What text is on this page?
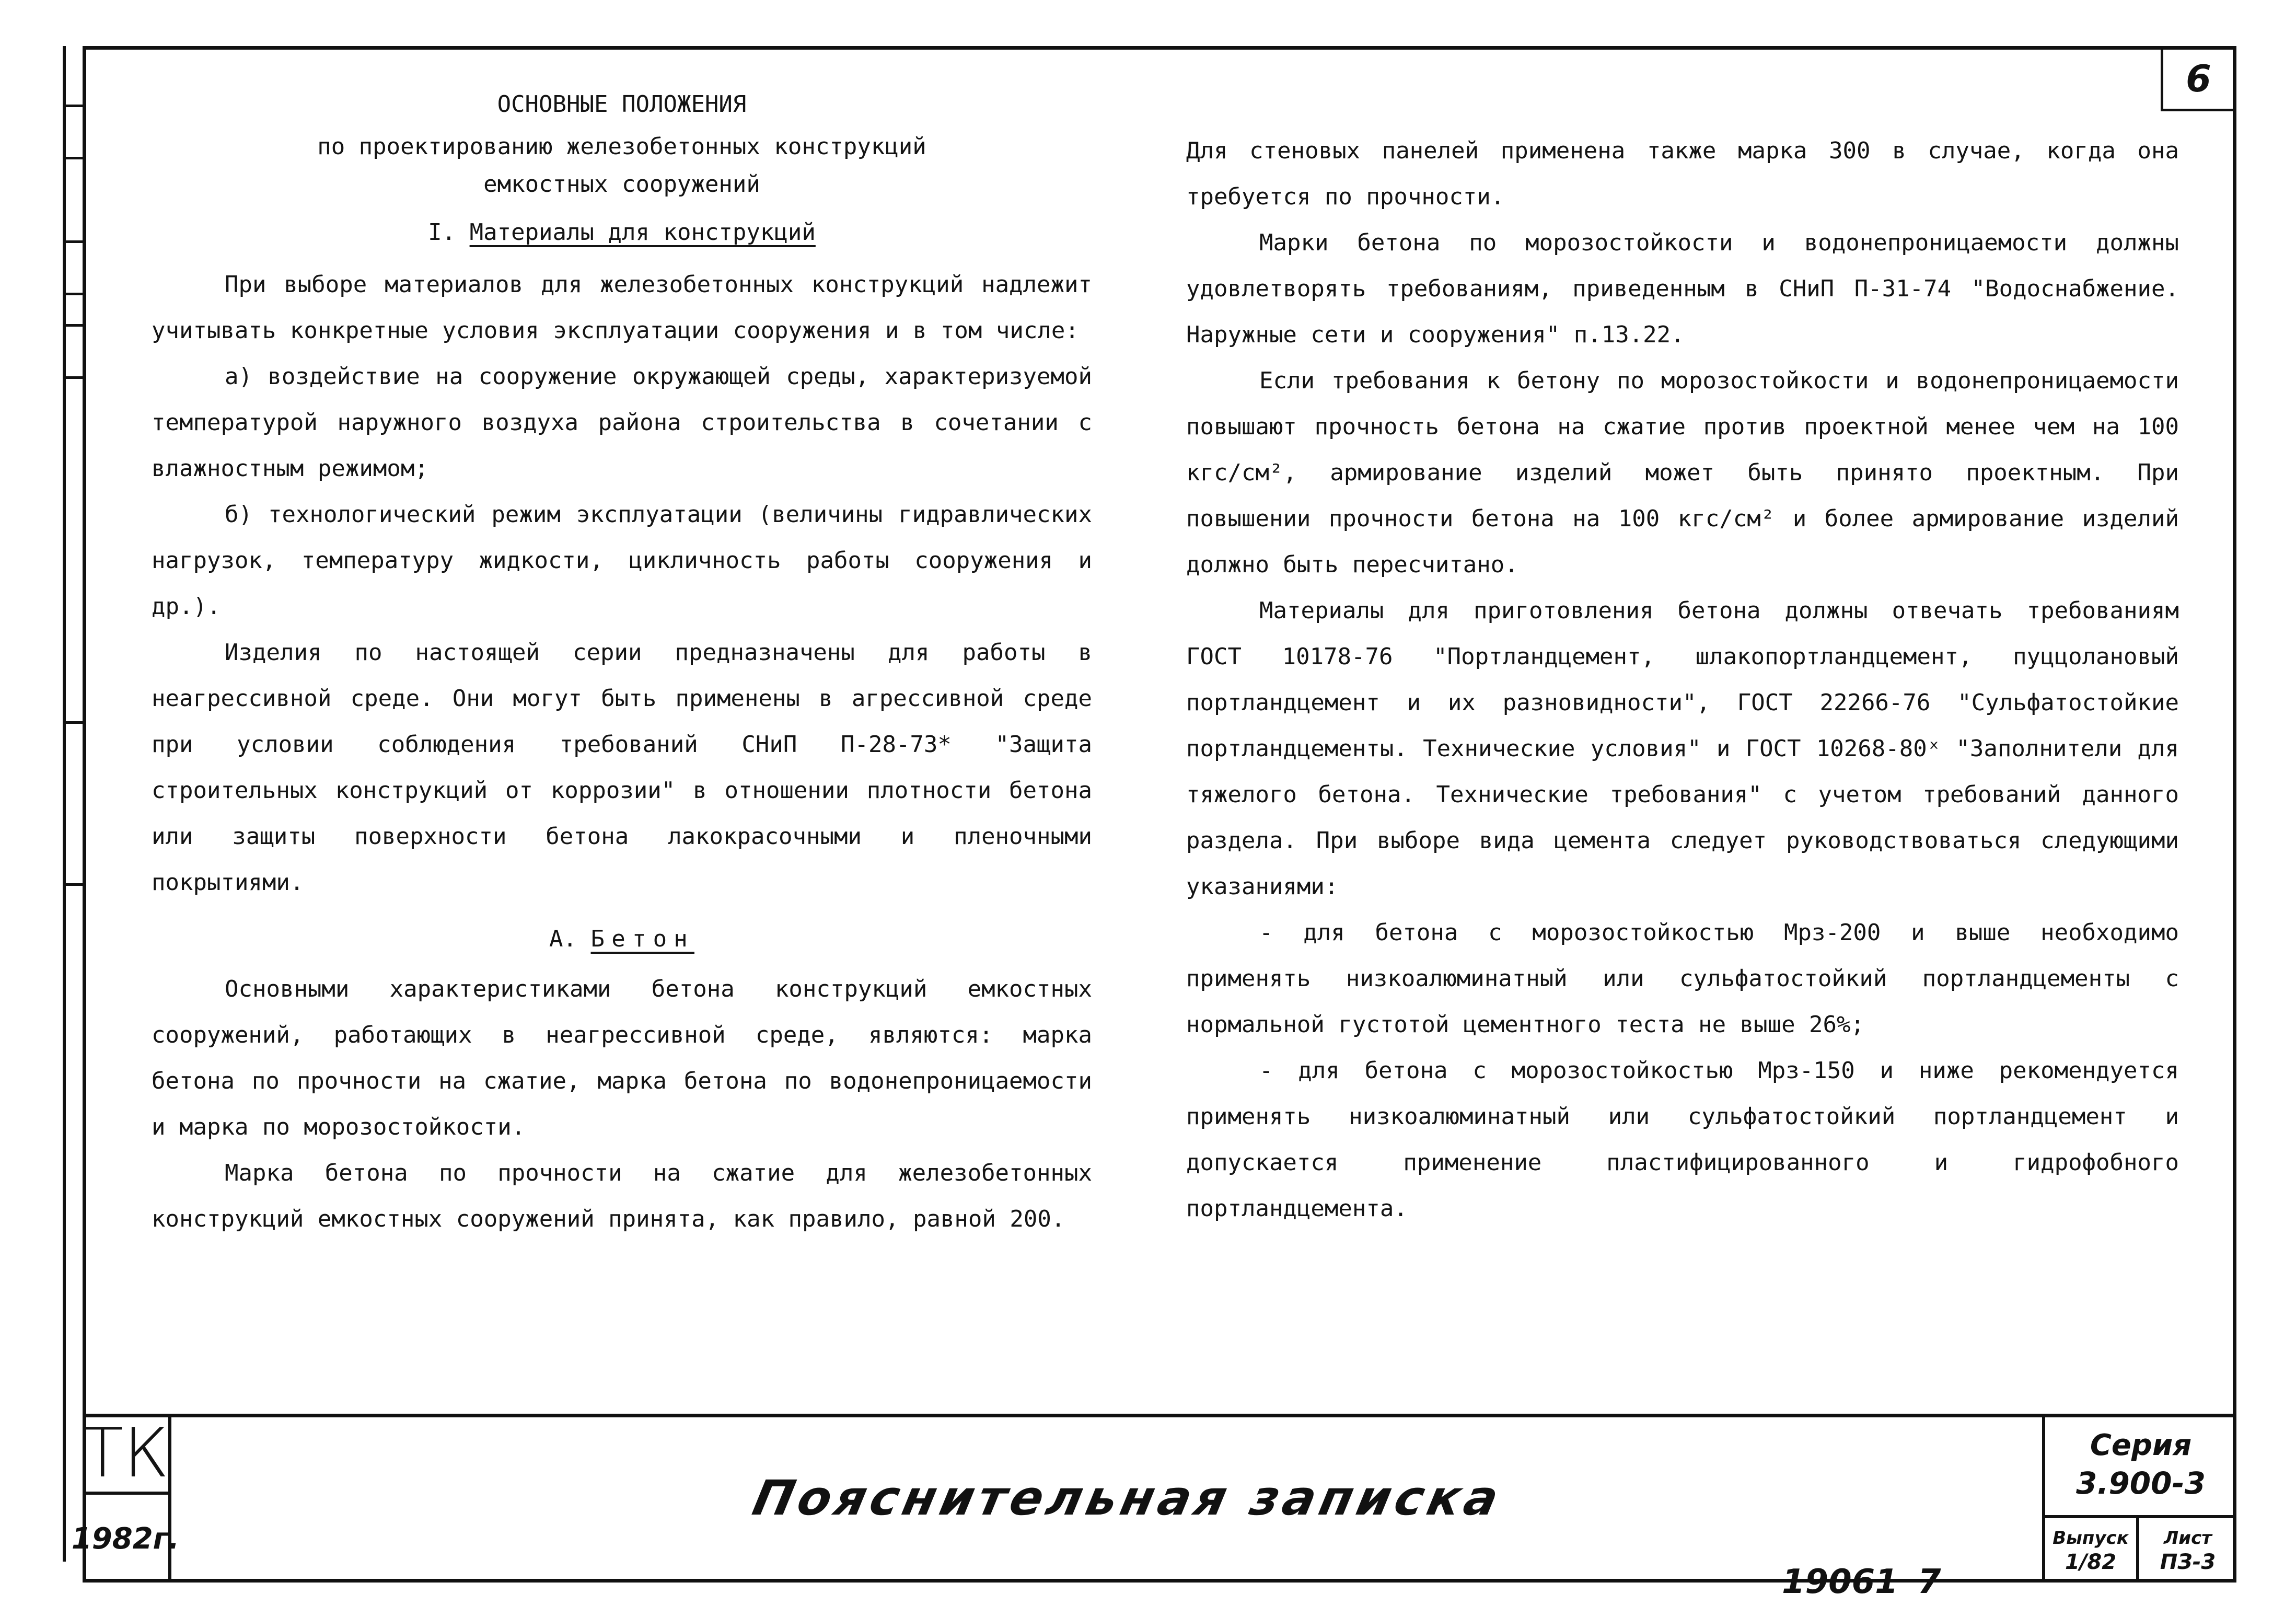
6

ОСНОВНЫЕ ПОЛОЖЕНИЯ

по проектированию железобетонных конструкций

емкостных сооружений

I. Материалы для конструкций

При выборе материалов для железобетонных конструкций надлежит учитывать конкретные условия эксплуатации сооружения и в том числе:

а) воздействие на сооружение окружающей среды, характеризуемой температурой наружного воздуха района строительства в сочетании с влажностным режимом;

б) технологический режим эксплуатации (величины гидравлических нагрузок, температуру жидкости, цикличность работы сооружения и др.).

Изделия по настоящей серии предназначены для работы в неагрессивной среде. Они могут быть применены в агрессивной среде при условии соблюдения требований СНиП П-28-73* "Защита строительных конструкций от коррозии" в отношении плотности бетона или защиты поверхности бетона лакокрасочными и пленочными покрытиями.

А. Бетон

Основными характеристиками бетона конструкций емкостных сооружений, работающих в неагрессивной среде, являются: марка бетона по прочности на сжатие, марка бетона по водонепроницаемости и марка по морозостойкости.

Марка бетона по прочности на сжатие для железобетонных конструкций емкостных сооружений принята, как правило, равной 200.

Для стеновых панелей применена также марка 300 в случае, когда она требуется по прочности.

Марки бетона по морозостойкости и водонепроницаемости должны удовлетворять требованиям, приведенным в СНиП П-31-74 "Водоснабжение. Наружные сети и сооружения" п.13.22.

Если требования к бетону по морозостойкости и водонепроницаемости повышают прочность бетона на сжатие против проектной менее чем на 100 кгс/см², армирование изделий может быть принято проектным. При повышении прочности бетона на 100 кгс/см² и более армирование изделий должно быть пересчитано.

Материалы для приготовления бетона должны отвечать требованиям ГОСТ 10178-76 "Портландцемент, шлакопортландцемент, пуццолановый портландцемент и их разновидности", ГОСТ 22266-76 "Сульфатостойкие портландцементы. Технические условия" и ГОСТ 10268-80ˣ "Заполнители для тяжелого бетона. Технические требования" с учетом требований данного раздела. При выборе вида цемента следует руководствоваться следующими указаниями:

- для бетона с морозостойкостью Мрз-200 и выше необходимо применять низкоалюминатный или сульфатостойкий портландцементы с нормальной густотой цементного теста не выше 26%;

- для бетона с морозостойкостью Мрз-150 и ниже рекомендуется применять низкоалюминатный или сульфатостойкий портландцемент и допускается применение пластифицированного и гидрофобного портландцемента.

ТК
1982г.
Пояснительная записка
Серия
3.900-3
Выпуск
1/82
Лист
ПЗ-3
19061 7
